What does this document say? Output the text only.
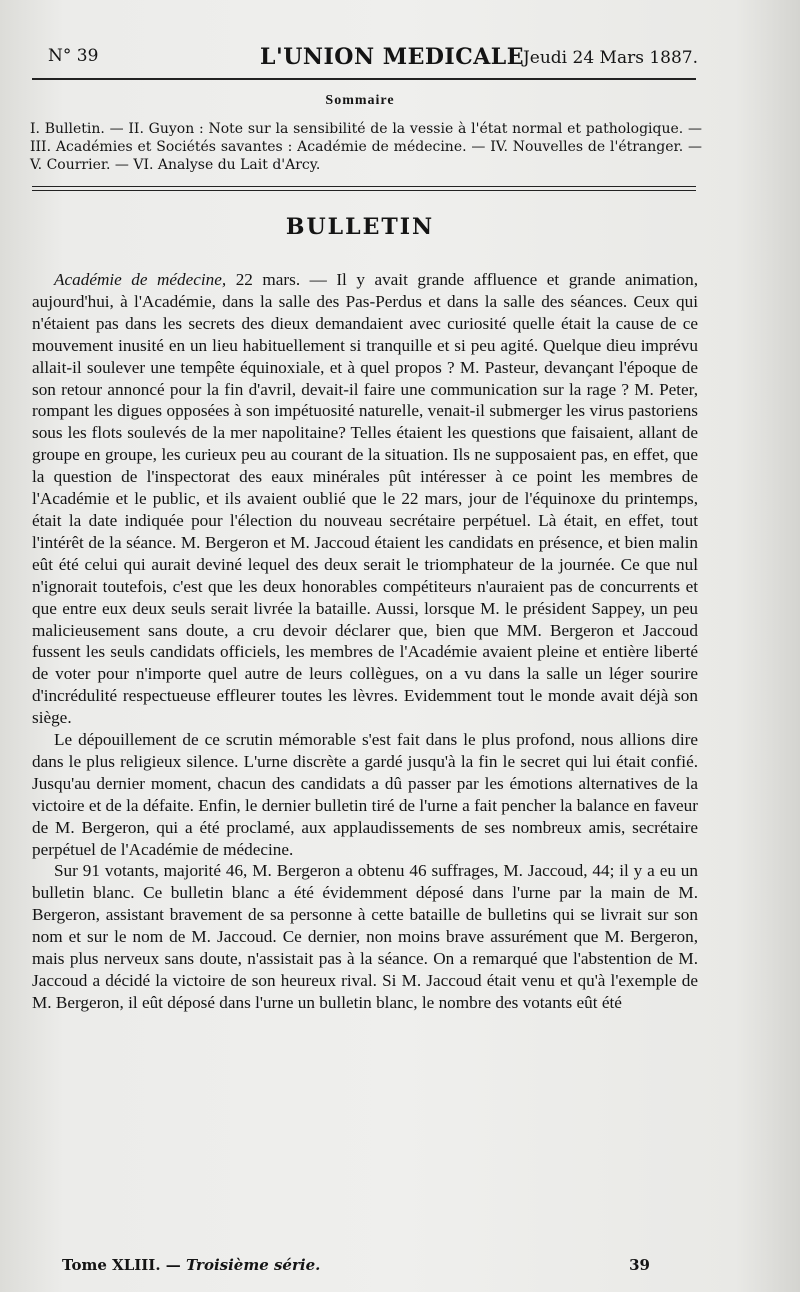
N° 39	L'UNION MEDICALE
Jeudi 24 Mars 1887.
Sommaire
I. Bulletin. — II. Guyon : Note sur la sensibilité de la vessie à l'état normal et pathologique. — III. Académies et Sociétés savantes : Académie de médecine. — IV. Nouvelles de l'étranger. — V. Courrier. — VI. Analyse du Lait d'Arcy.
BULLETIN

Académie de médecine, 22 mars. — Il y avait grande affluence et grande animation, aujourd'hui, à l'Académie, dans la salle des Pas-Perdus et dans la salle des séances. Ceux qui n'étaient pas dans les secrets des dieux demandaient avec curiosité quelle était la cause de ce mouvement inusité en un lieu habituellement si tranquille et si peu agité. Quelque dieu imprévu allait-il soulever une tempête équinoxiale, et à quel propos ? M. Pasteur, devançant l'époque de son retour annoncé pour la fin d'avril, devait-il faire une communication sur la rage ? M. Peter, rompant les digues opposées à son impétuosité naturelle, venait-il submerger les virus pastoriens sous les flots soulevés de la mer napolitaine? Telles étaient les questions que faisaient, allant de groupe en groupe, les curieux peu au courant de la situation. Ils ne supposaient pas, en effet, que la question de l'inspectorat des eaux minérales pût intéresser à ce point les membres de l'Académie et le public, et ils avaient oublié que le 22 mars, jour de l'équinoxe du printemps, était la date indiquée pour l'élection du nouveau secrétaire perpétuel. Là était, en effet, tout l'intérêt de la séance. M. Bergeron et M. Jaccoud étaient les candidats en présence, et bien malin eût été celui qui aurait deviné lequel des deux serait le triomphateur de la journée. Ce que nul n'ignorait toutefois, c'est que les deux honorables compétiteurs n'auraient pas de concurrents et que entre eux deux seuls serait livrée la bataille. Aussi, lorsque M. le président Sappey, un peu malicieusement sans doute, a cru devoir déclarer que, bien que MM. Bergeron et Jaccoud fussent les seuls candidats officiels, les membres de l'Académie avaient pleine et entière liberté de voter pour n'importe quel autre de leurs collègues, on a vu dans la salle un léger sourire d'incrédulité respectueuse effleurer toutes les lèvres. Evidemment tout le monde avait déjà son siège.

Le dépouillement de ce scrutin mémorable s'est fait dans le plus profond, nous allions dire dans le plus religieux silence. L'urne discrète a gardé jusqu'à la fin le secret qui lui était confié. Jusqu'au dernier moment, chacun des candidats a dû passer par les émotions alternatives de la victoire et de la défaite. Enfin, le dernier bulletin tiré de l'urne a fait pencher la balance en faveur de M. Bergeron, qui a été proclamé, aux applaudissements de ses nombreux amis, secrétaire perpétuel de l'Académie de médecine.

Sur 91 votants, majorité 46, M. Bergeron a obtenu 46 suffrages, M. Jaccoud, 44; il y a eu un bulletin blanc. Ce bulletin blanc a été évidemment déposé dans l'urne par la main de M. Bergeron, assistant bravement de sa personne à cette bataille de bulletins qui se livrait sur son nom et sur le nom de M. Jaccoud. Ce dernier, non moins brave assurément que M. Bergeron, mais plus nerveux sans doute, n'assistait pas à la séance. On a remarqué que l'abstention de M. Jaccoud a décidé la victoire de son heureux rival. Si M. Jaccoud était venu et qu'à l'exemple de M. Bergeron, il eût déposé dans l'urne un bulletin blanc, le nombre des votants eût été

Tome XLIII. — Troisième série.	39
